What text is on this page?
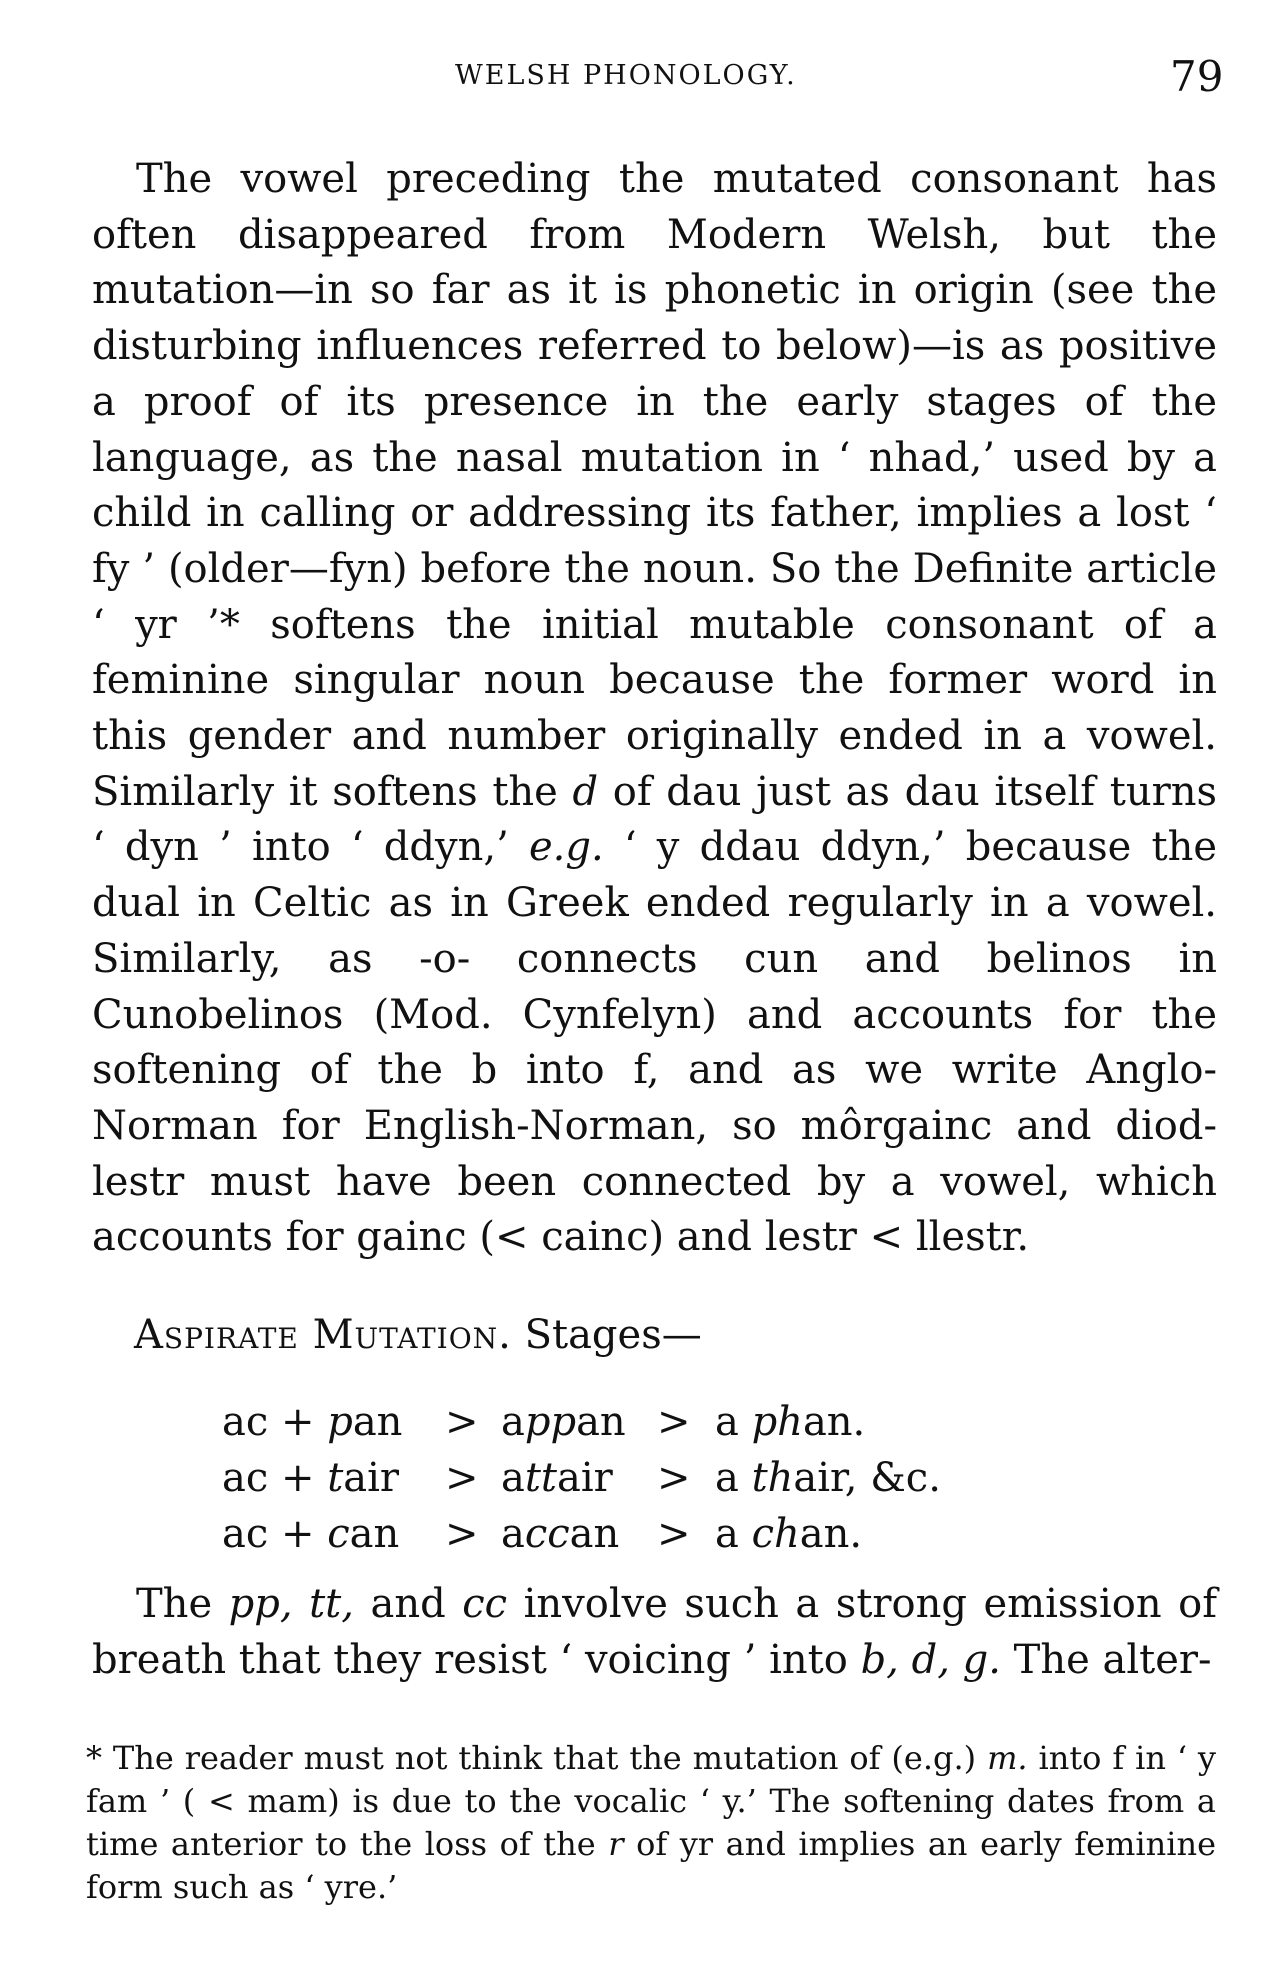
WELSH PHONOLOGY.	79

The vowel preceding the mutated consonant has often disappeared from Modern Welsh, but the mutation—in so far as it is phonetic in origin (see the disturbing influences referred to below)—is as positive a proof of its presence in the early stages of the language, as the nasal mutation in ‘ nhad,’ used by a child in calling or addressing its father, implies a lost ‘ fy ’ (older—fyn) before the noun. So the Definite article ‘ yr ’* softens the initial mutable consonant of a feminine singular noun because the former word in this gender and number originally ended in a vowel. Similarly it softens the d of dau just as dau itself turns ‘ dyn ’ into ‘ ddyn,’ e.g. ‘ y ddau ddyn,’ because the dual in Celtic as in Greek ended regularly in a vowel. Similarly, as -o- connects cun and belinos in Cunobelinos (Mod. Cynfelyn) and accounts for the softening of the b into f, and as we write Anglo-Norman for English-Norman, so môrgainc and diod-lestr must have been connected by a vowel, which accounts for gainc (< cainc) and lestr < llestr.

Aspirate Mutation. Stages—
ac + pan	> appan > a phan.
ac + tair	> attair	> a thair, &c.
ac + can	> accan > a chan.

The pp, tt, and cc involve such a strong emission of breath that they resist ‘ voicing ’ into b, d, g. The alter-

* The reader must not think that the mutation of (e.g.) m. into f in ‘ y fam ’ ( < mam) is due to the vocalic ‘ y.’ The softening dates from a time anterior to the loss of the r of yr and implies an early feminine form such as ‘ yre.’
